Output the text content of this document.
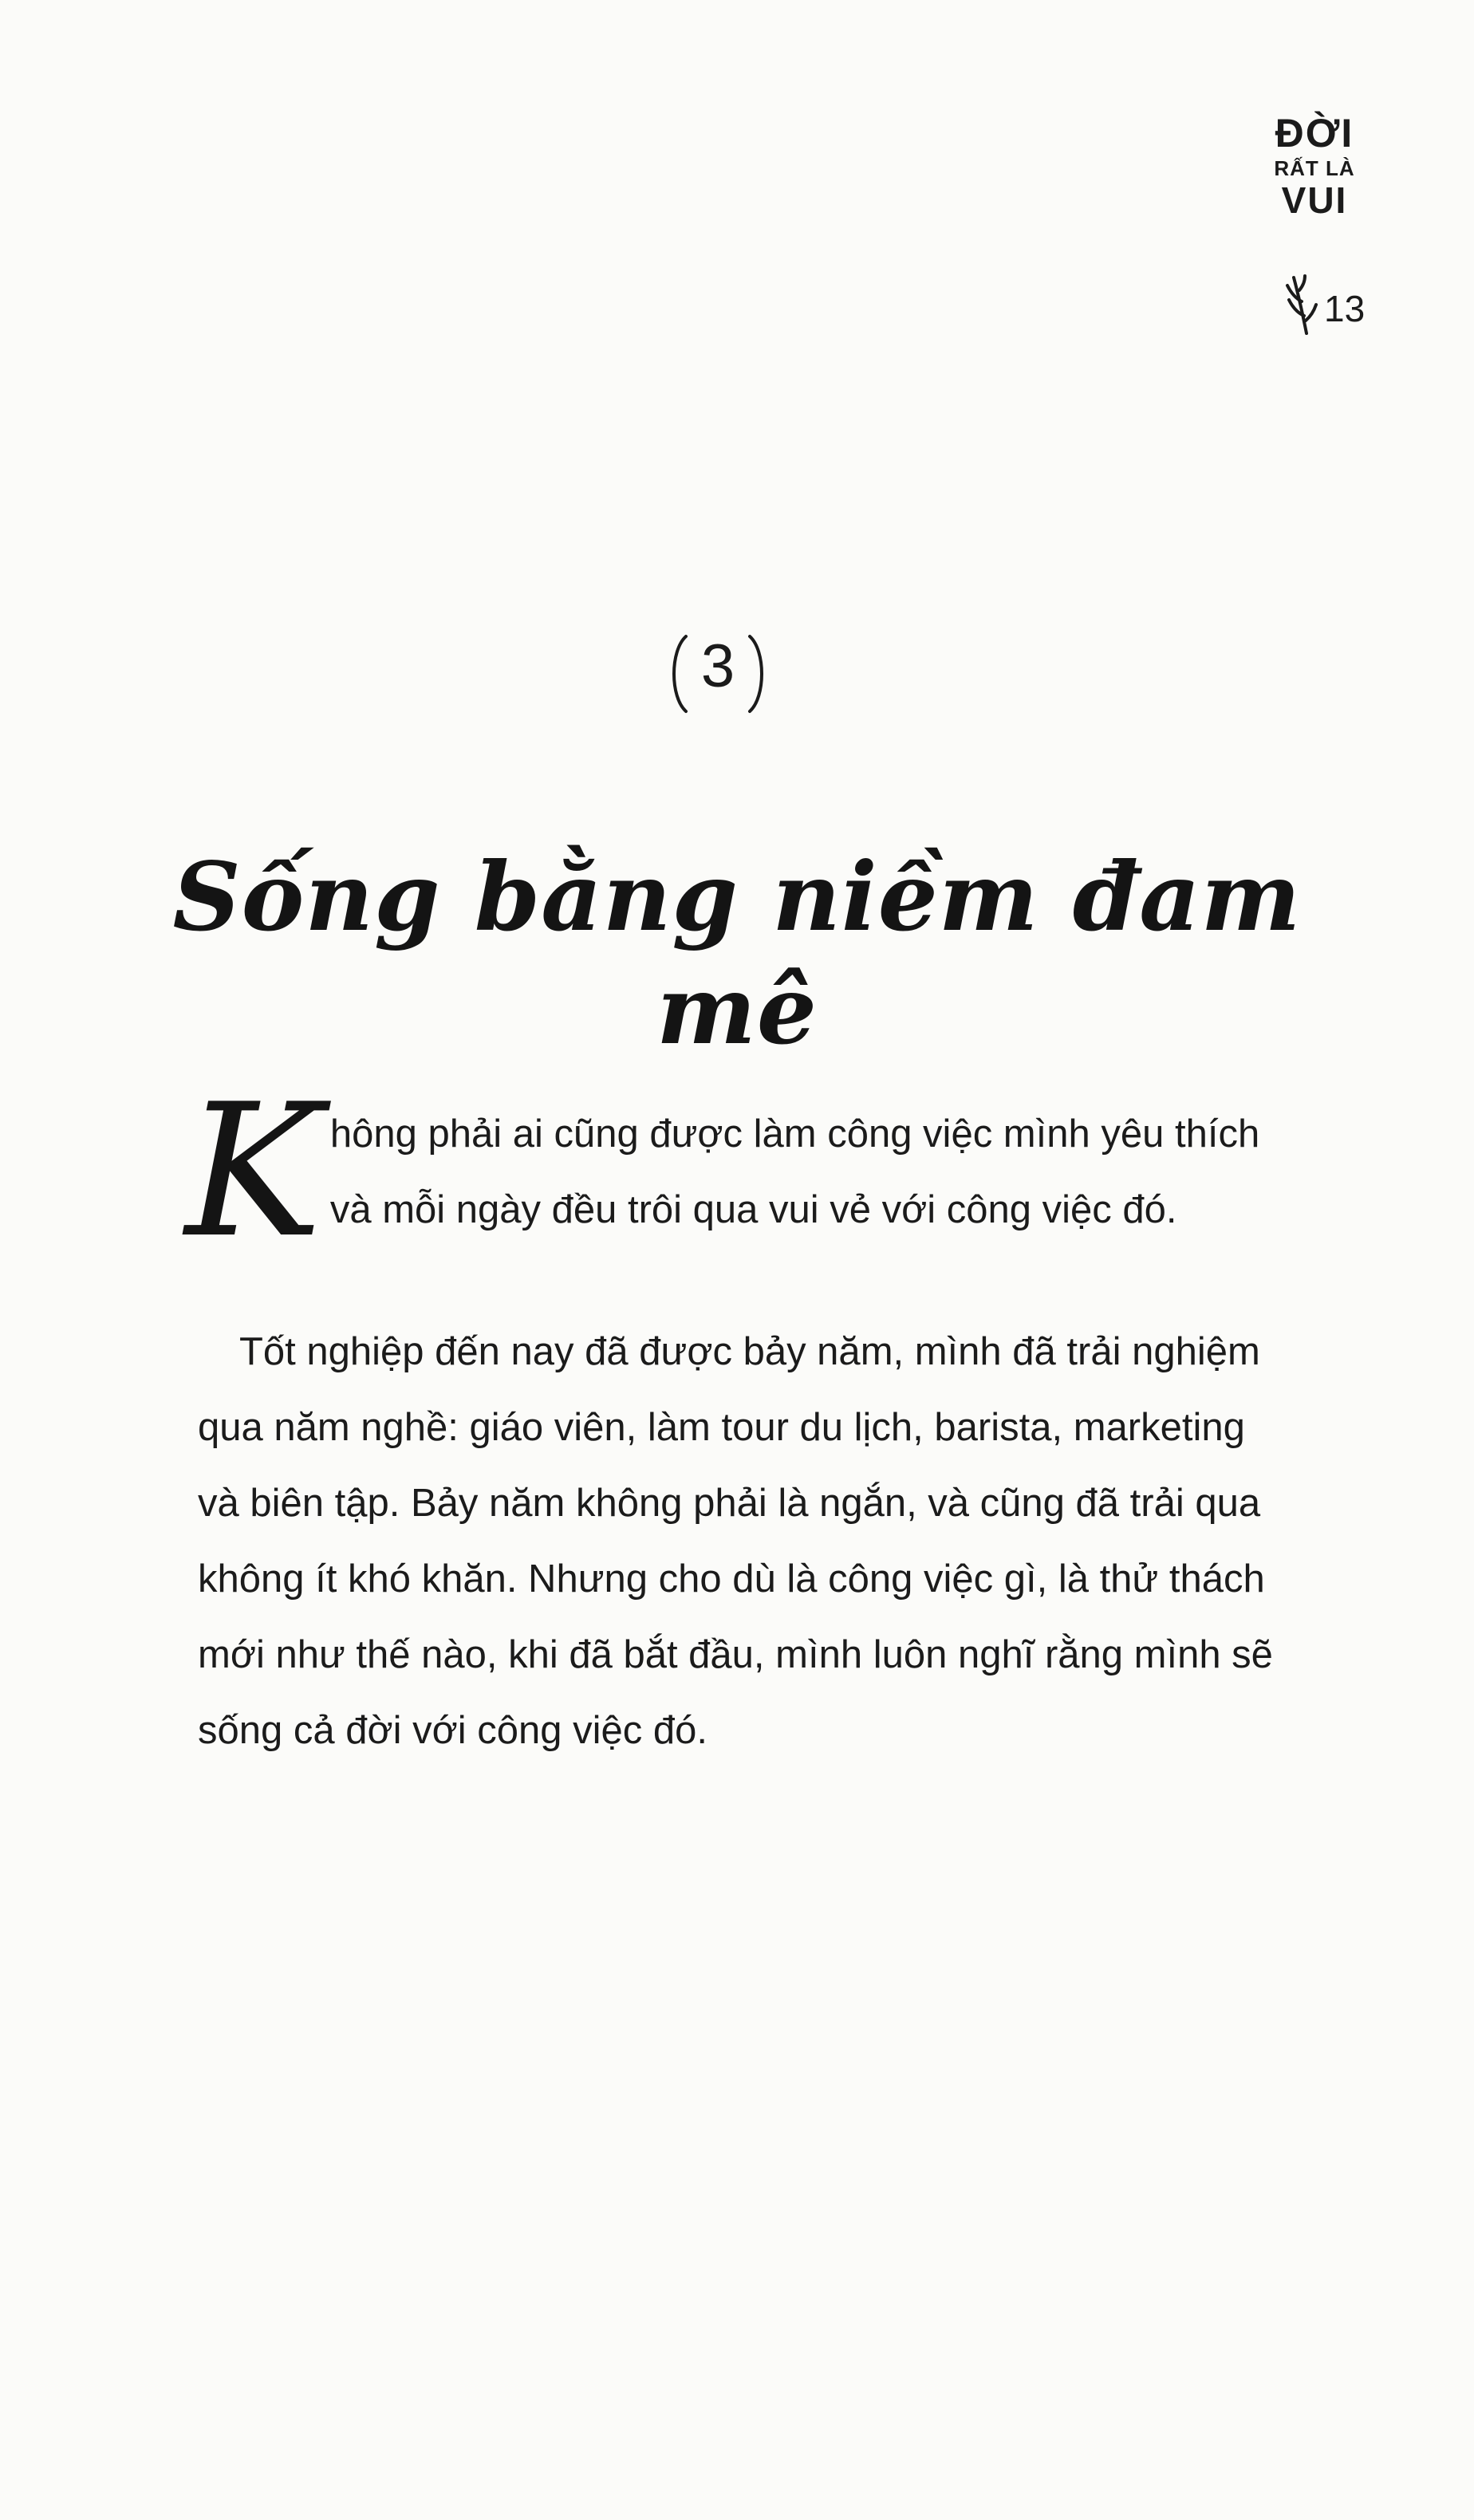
ĐỜI
RẤT LÀ
VUI
13
3
Sống bằng niềm đam mê

Không phải ai cũng được làm công việc mình yêu thích và mỗi ngày đều trôi qua vui vẻ với công việc đó.

Tốt nghiệp đến nay đã được bảy năm, mình đã trải nghiệm qua năm nghề: giáo viên, làm tour du lịch, barista, marketing và biên tập. Bảy năm không phải là ngắn, và cũng đã trải qua không ít khó khăn. Nhưng cho dù là công việc gì, là thử thách mới như thế nào, khi đã bắt đầu, mình luôn nghĩ rằng mình sẽ sống cả đời với công việc đó.
